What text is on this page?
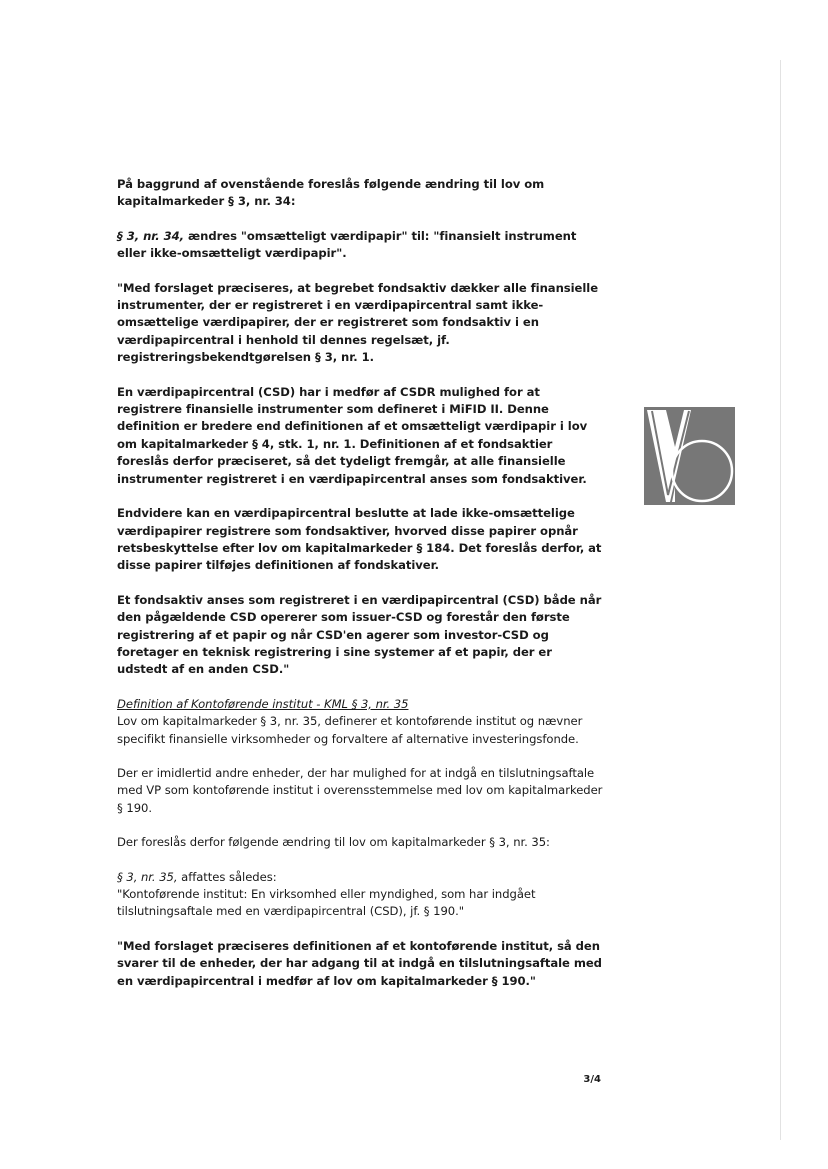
På baggrund af ovenstående foreslås følgende ændring til lov om kapitalmarkeder § 3, nr. 34:

§ 3, nr. 34, ændres "omsætteligt værdipapir" til: "finansielt instrument eller ikke-omsætteligt værdipapir".

"Med forslaget præciseres, at begrebet fondsaktiv dækker alle finansielle instrumenter, der er registreret i en værdipapircentral samt ikke-omsættelige værdipapirer, der er registreret som fondsaktiv i en værdipapircentral i henhold til dennes regelsæt, jf. registreringsbekendtgørelsen § 3, nr. 1.

En værdipapircentral (CSD) har i medfør af CSDR mulighed for at registrere finansielle instrumenter som defineret i MiFID II. Denne definition er bredere end definitionen af et omsætteligt værdipapir i lov om kapitalmarkeder § 4, stk. 1, nr. 1. Definitionen af et fondsaktier foreslås derfor præciseret, så det tydeligt fremgår, at alle finansielle instrumenter registreret i en værdipapircentral anses som fondsaktiver.

Endvidere kan en værdipapircentral beslutte at lade ikke-omsættelige værdipapirer registrere som fondsaktiver, hvorved disse papirer opnår retsbeskyttelse efter lov om kapitalmarkeder § 184. Det foreslås derfor, at disse papirer tilføjes definitionen af fondskativer.

Et fondsaktiv anses som registreret i en værdipapircentral (CSD) både når den pågældende CSD opererer som issuer-CSD og forestår den første registrering af et papir og når CSD'en agerer som investor-CSD og foretager en teknisk registrering i sine systemer af et papir, der er udstedt af en anden CSD."

Definition af Kontoførende institut - KML § 3, nr. 35
Lov om kapitalmarkeder § 3, nr. 35, definerer et kontoførende institut og nævner specifikt finansielle virksomheder og forvaltere af alternative investeringsfonde.

Der er imidlertid andre enheder, der har mulighed for at indgå en tilslutningsaftale med VP som kontoførende institut i overensstemmelse med lov om kapitalmarkeder § 190.

Der foreslås derfor følgende ændring til lov om kapitalmarkeder § 3, nr. 35:

§ 3, nr. 35, affattes således:
"Kontoførende institut: En virksomhed eller myndighed, som har indgået tilslutningsaftale med en værdipapircentral (CSD), jf. § 190."

"Med forslaget præciseres definitionen af et kontoførende institut, så den svarer til de enheder, der har adgang til at indgå en tilslutningsaftale med en værdipapircentral i medfør af lov om kapitalmarkeder § 190."

3/4
